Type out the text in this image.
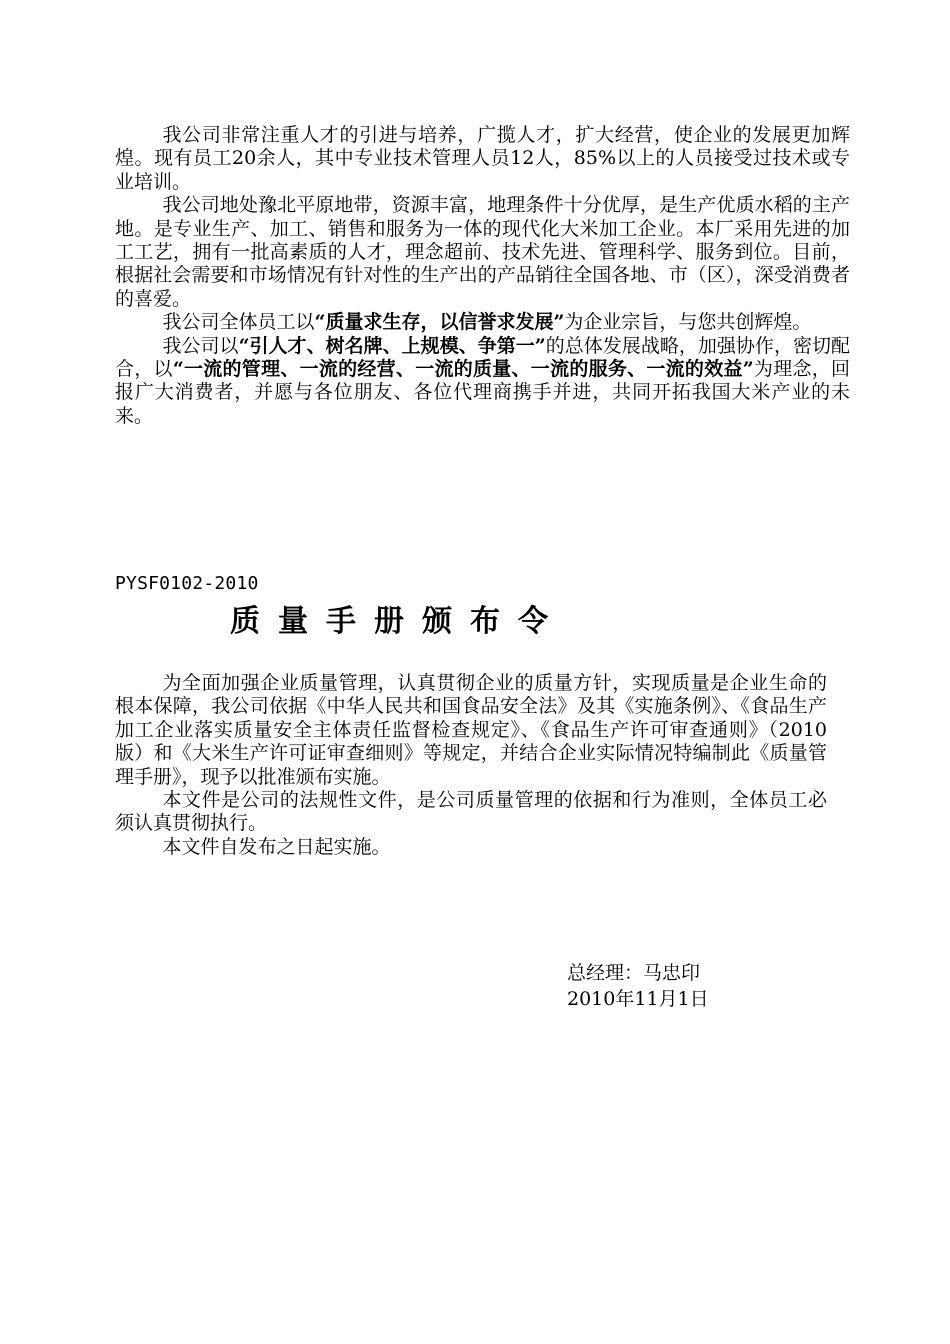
我公司非常注重人才的引进与培养，广揽人才，扩大经营，使企业的发展更加辉煌。现有员工20余人，其中专业技术管理人员12人，85%以上的人员接受过技术或专业培训。

我公司地处豫北平原地带，资源丰富，地理条件十分优厚，是生产优质水稻的主产地。是专业生产、加工、销售和服务为一体的现代化大米加工企业。本厂采用先进的加工工艺，拥有一批高素质的人才，理念超前、技术先进、管理科学、服务到位。目前，根据社会需要和市场情况有针对性的生产出的产品销往全国各地、市（区），深受消费者的喜爱。

我公司全体员工以“质量求生存，以信誉求发展”为企业宗旨，与您共创辉煌。

我公司以“引人才、树名牌、上规模、争第一”的总体发展战略，加强协作，密切配合，以“一流的管理、一流的经营、一流的质量、一流的服务、一流的效益”为理念，回报广大消费者，并愿与各位朋友、各位代理商携手并进，共同开拓我国大米产业的未来。

PYSF0102-2010
质量手册颁布令

为全面加强企业质量管理，认真贯彻企业的质量方针，实现质量是企业生命的根本保障，我公司依据《中华人民共和国食品安全法》及其《实施条例》、《食品生产加工企业落实质量安全主体责任监督检查规定》、《食品生产许可审查通则》（2010版）和《大米生产许可证审查细则》等规定，并结合企业实际情况特编制此《质量管理手册》，现予以批准颁布实施。

本文件是公司的法规性文件，是公司质量管理的依据和行为准则，全体员工必须认真贯彻执行。

本文件自发布之日起实施。

总经理：马忠印
2010年11月1日
